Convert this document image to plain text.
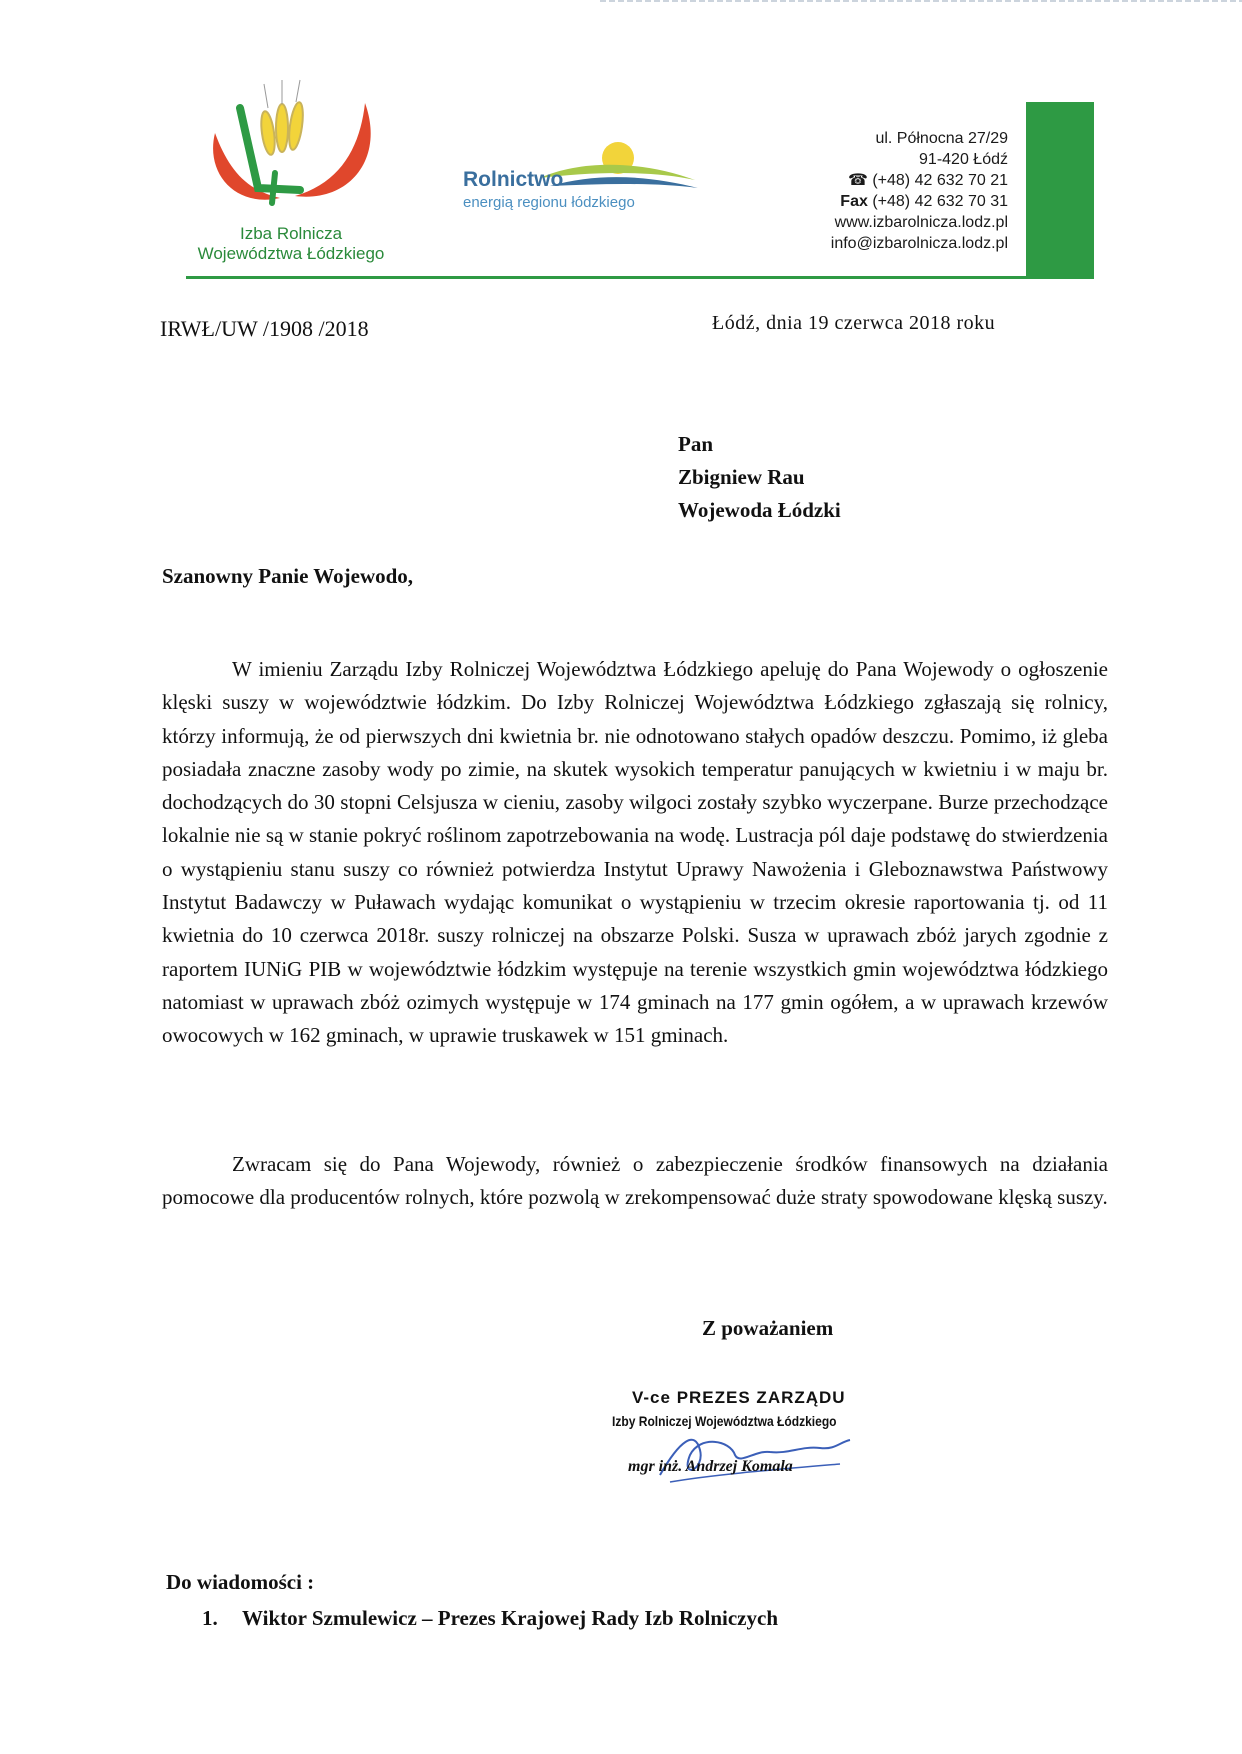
Izba Rolnicza
Województwa Łódzkiego
Rolnictwo
energią regionu łódzkiego
ul. Północna 27/29
91-420 Łódź
☎ (+48) 42 632 70 21
Fax (+48) 42 632 70 31
www.izbarolnicza.lodz.pl
info@izbarolnicza.lodz.pl
IRWŁ/UW /1908 /2018	Łódź, dnia 19 czerwca 2018 roku
Pan
Zbigniew Rau
Wojewoda Łódzki
Szanowny Panie Wojewodo,
W imieniu Zarządu Izby Rolniczej Województwa Łódzkiego apeluję do Pana Wojewody o ogłoszenie klęski suszy w województwie łódzkim. Do Izby Rolniczej Województwa Łódzkiego zgłaszają się rolnicy, którzy informują, że od pierwszych dni kwietnia br. nie odnotowano stałych opadów deszczu. Pomimo, iż gleba posiadała znaczne zasoby wody po zimie, na skutek wysokich temperatur panujących w kwietniu i w maju br. dochodzących do 30 stopni Celsjusza w cieniu, zasoby wilgoci zostały szybko wyczerpane. Burze przechodzące lokalnie nie są w stanie pokryć roślinom zapotrzebowania na wodę. Lustracja pól daje podstawę do stwierdzenia o wystąpieniu stanu suszy co również potwierdza Instytut Uprawy Nawożenia i Gleboznawstwa Państwowy Instytut Badawczy w Puławach wydając komunikat o wystąpieniu w trzecim okresie raportowania tj. od 11 kwietnia do 10 czerwca 2018r. suszy rolniczej na obszarze Polski. Susza w uprawach zbóż jarych zgodnie z raportem IUNiG PIB w województwie łódzkim występuje na terenie wszystkich gmin województwa łódzkiego natomiast w uprawach zbóż ozimych występuje w 174 gminach na 177 gmin ogółem, a w uprawach krzewów owocowych w 162 gminach, w uprawie truskawek w 151 gminach.
Zwracam się do Pana Wojewody, również o zabezpieczenie środków finansowych na działania pomocowe dla producentów rolnych, które pozwolą w zrekompensować duże straty spowodowane klęską suszy.
Z poważaniem
V-ce PREZES ZARZĄDU
Izby Rolniczej Województwa Łódzkiego
mgr inż. Andrzej Komala
Do wiadomości :
1.	Wiktor Szmulewicz – Prezes Krajowej Rady Izb Rolniczych
